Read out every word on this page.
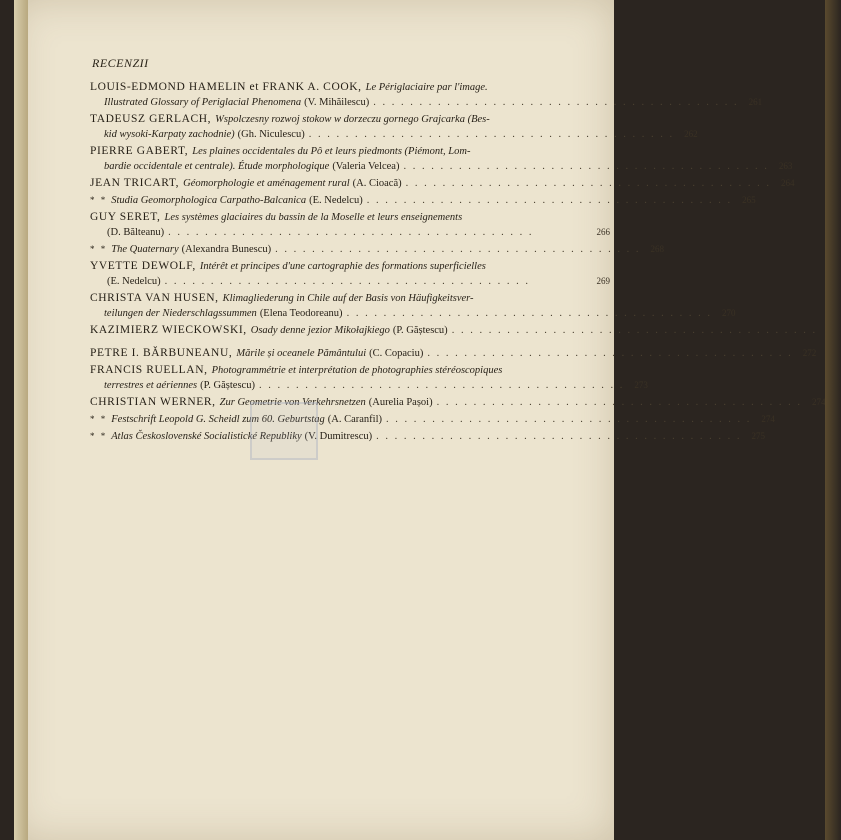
RECENZII
LOUIS-EDMOND HAMELIN et FRANK A. COOK, Le Périglaciaire par l'image.
Illustrated Glossary of Periglacial Phenomena (V. Mihăilescu) . . . . . . . . . . . . . . . . . . . . . . . . . . . . . . . . . . . . . . . . 261
TADEUSZ GERLACH, Wspolczesny rozwoj stokow w dorzeczu gornego Grajcarka (Bes-
kid wysoki-Karpaty zachodnie) (Gh. Niculescu) . . . . . . . . . . . . . . . . . . . . . . . . . . . . . . . . . . . . . . . . 262
PIERRE GABERT, Les plaines occidentales du Pô et leurs piedmonts (Piémont, Lom-
bardie occidentale et centrale). Étude morphologique (Valeria Velcea) . . . . . . . . . . . . . . . . . . . . . . . . . . . . . . . . . . . . . . . . 263
JEAN TRICART, Géomorphologie et aménagement rural (A. Cioacă) . . . . . . . . . . . . . . . . . . . . . . . . . . . . . . . . . . . . . . . . 264
* * Studia Geomorphologica Carpatho-Balcanica (E. Nedelcu) . . . . . . . . . . . . . . . . . . . . . . . . . . . . . . . . . . . . . . . . 265
GUY SERET, Les systèmes glaciaires du bassin de la Moselle et leurs enseignements
(D. Bălteanu) . . . . . . . . . . . . . . . . . . . . . . . . . . . . . . . . . . . . . . . .	266
* * The Quaternary (Alexandra Bunescu) . . . . . . . . . . . . . . . . . . . . . . . . . . . . . . . . . . . . . . . . 268
YVETTE DEWOLF, Intérêt et principes d'une cartographie des formations superficielles
(E. Nedelcu) . . . . . . . . . . . . . . . . . . . . . . . . . . . . . . . . . . . . . . . .	269
CHRISTA VAN HUSEN, Klimagliederung in Chile auf der Basis von Häufigkeitsver-
teilungen der Niederschlagssummen (Elena Teodoreanu) . . . . . . . . . . . . . . . . . . . . . . . . . . . . . . . . . . . . . . . . 270
KAZIMIERZ WIECKOWSKI, Osady denne jezior Mikołajkiego (P. Găștescu) . . . . . . . . . . . . . . . . . . . . . . . . . . . . . . . . . . . . . . . .
PETRE I. BĂRBUNEANU, Mările și oceanele Pământului (C. Copaciu) . . . . . . . . . . . . . . . . . . . . . . . . . . . . . . . . . . . . . . . . 272
FRANCIS RUELLAN, Photogrammétrie et interprétation de photographies stéréoscopiques
terrestres et aériennes (P. Găștescu) . . . . . . . . . . . . . . . . . . . . . . . . . . . . . . . . . . . . . . . . 273
CHRISTIAN WERNER, Zur Geometrie von Verkehrsnetzen (Aurelia Pașoi) . . . . . . . . . . . . . . . . . . . . . . . . . . . . . . . . . . . . . . . . 274
* * Festschrift Leopold G. Scheidl zum 60. Geburtstag (A. Caranfil) . . . . . . . . . . . . . . . . . . . . . . . . . . . . . . . . . . . . . . . . 274
* * Atlas Československé Socialistické Republiky (V. Dumitrescu) . . . . . . . . . . . . . . . . . . . . . . . . . . . . . . . . . . . . . . . . 275
